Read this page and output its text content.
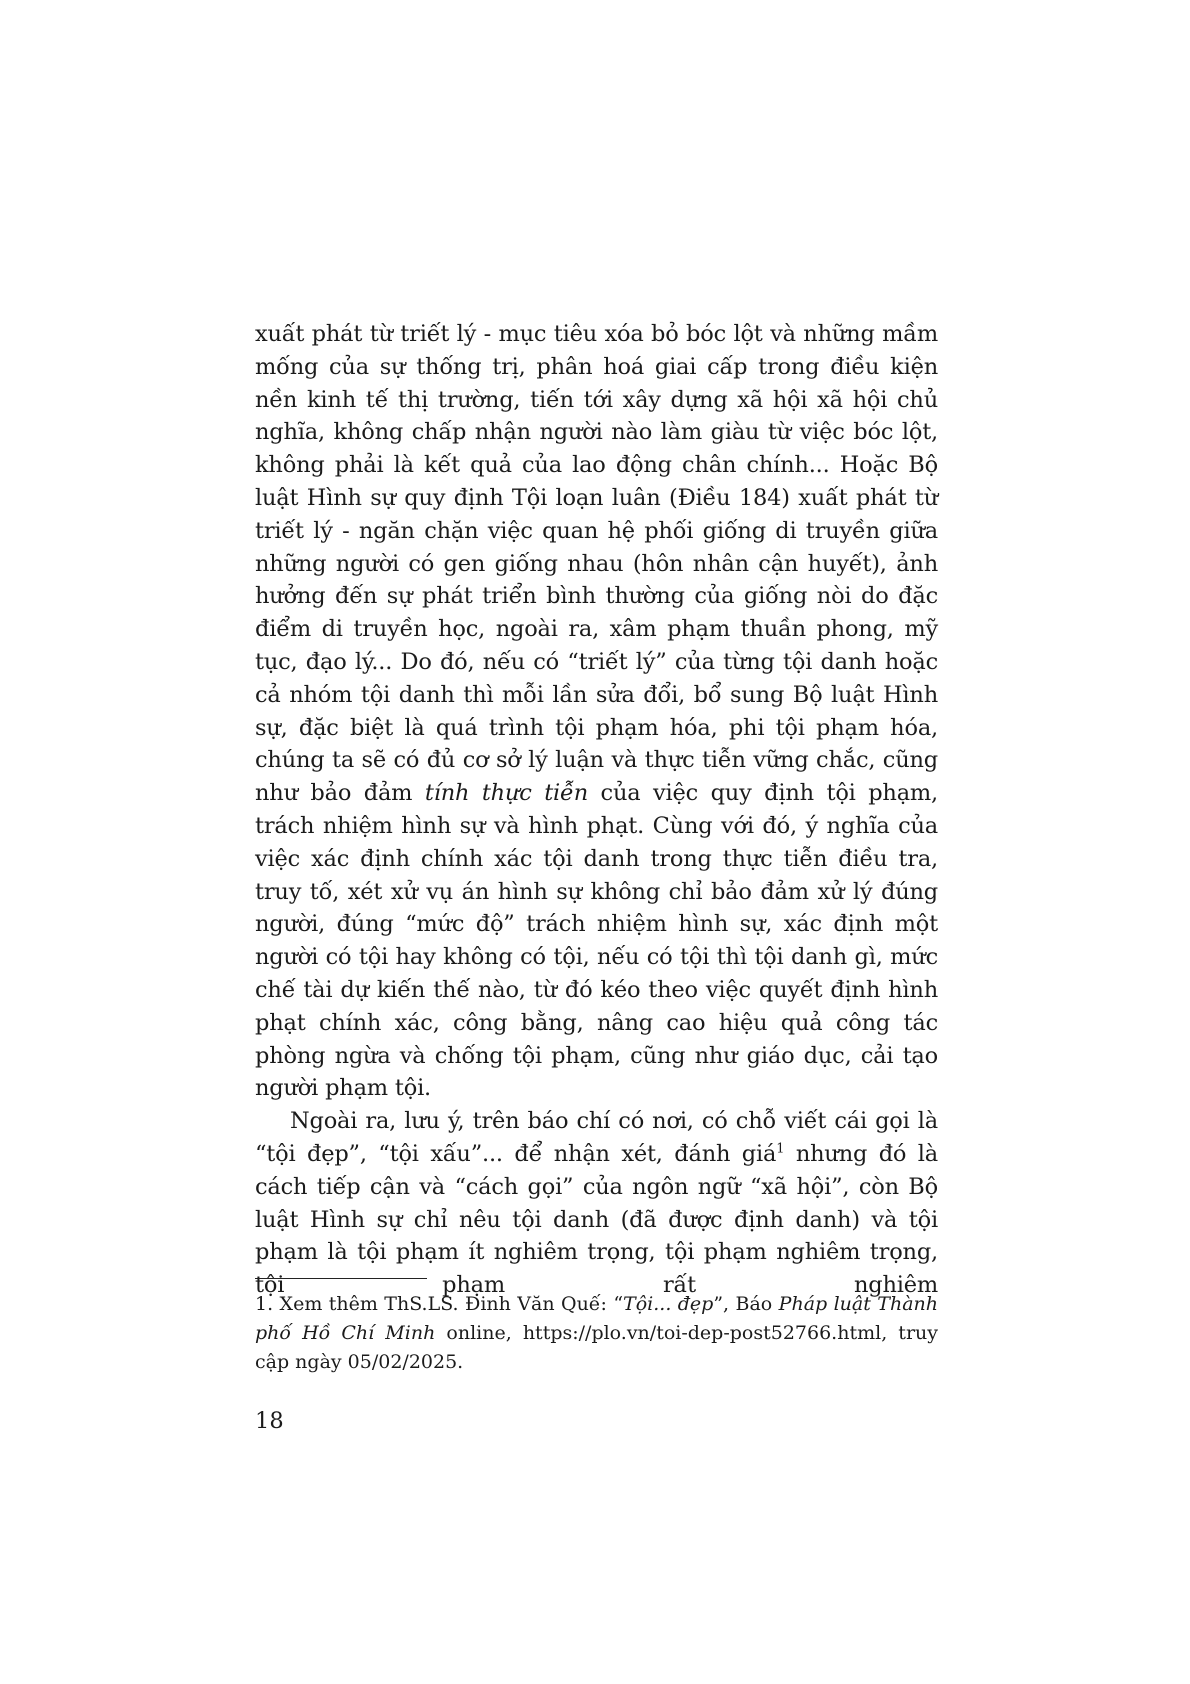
xuất phát từ triết lý - mục tiêu xóa bỏ bóc lột và những mầm mống của sự thống trị, phân hoá giai cấp trong điều kiện nền kinh tế thị trường, tiến tới xây dựng xã hội xã hội chủ nghĩa, không chấp nhận người nào làm giàu từ việc bóc lột, không phải là kết quả của lao động chân chính... Hoặc Bộ luật Hình sự quy định Tội loạn luân (Điều 184) xuất phát từ triết lý - ngăn chặn việc quan hệ phối giống di truyền giữa những người có gen giống nhau (hôn nhân cận huyết), ảnh hưởng đến sự phát triển bình thường của giống nòi do đặc điểm di truyền học, ngoài ra, xâm phạm thuần phong, mỹ tục, đạo lý... Do đó, nếu có “triết lý” của từng tội danh hoặc cả nhóm tội danh thì mỗi lần sửa đổi, bổ sung Bộ luật Hình sự, đặc biệt là quá trình tội phạm hóa, phi tội phạm hóa, chúng ta sẽ có đủ cơ sở lý luận và thực tiễn vững chắc, cũng như bảo đảm tính thực tiễn của việc quy định tội phạm, trách nhiệm hình sự và hình phạt. Cùng với đó, ý nghĩa của việc xác định chính xác tội danh trong thực tiễn điều tra, truy tố, xét xử vụ án hình sự không chỉ bảo đảm xử lý đúng người, đúng “mức độ” trách nhiệm hình sự, xác định một người có tội hay không có tội, nếu có tội thì tội danh gì, mức chế tài dự kiến thế nào, từ đó kéo theo việc quyết định hình phạt chính xác, công bằng, nâng cao hiệu quả công tác phòng ngừa và chống tội phạm, cũng như giáo dục, cải tạo người phạm tội.

Ngoài ra, lưu ý, trên báo chí có nơi, có chỗ viết cái gọi là “tội đẹp”, “tội xấu”... để nhận xét, đánh giá$^1$ nhưng đó là cách tiếp cận và “cách gọi” của ngôn ngữ “xã hội”, còn Bộ luật Hình sự chỉ nêu tội danh (đã được định danh) và tội phạm là tội phạm ít nghiêm trọng, tội phạm nghiêm trọng, tội phạm rất nghiêm

1. Xem thêm ThS.LS. Đinh Văn Quế: “Tội... đẹp”, Báo Pháp luật Thành phố Hồ Chí Minh online, https://plo.vn/toi-dep-post52766.html, truy cập ngày 05/02/2025.

18
